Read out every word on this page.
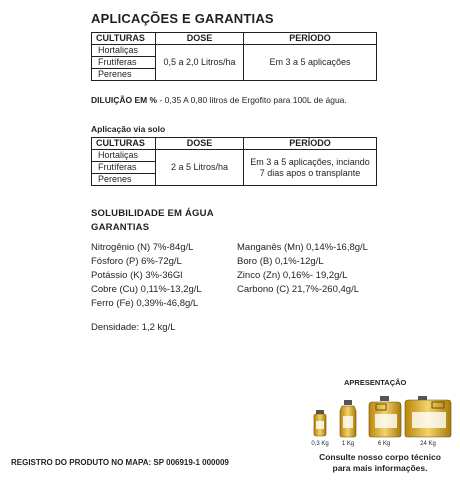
APLICAÇÕES E GARANTIAS
CULTURAS	DOSE	PERÍODO
Hortaliças	0,5 a 2,0 Litros/ha	Em 3 a 5 aplicações
Frutíferas		
Perenes		
DILUIÇÃO EM % - 0,35 A 0,80 litros de Ergofito para 100L de água.
Aplicação via solo
CULTURAS	DOSE	PERÍODO
Hortaliças	2 a 5 Litros/ha	Em 3 a 5 aplicações, inciando
7 dias apos o transplante

Frutíferas		
Perenes		
SOLUBILIDADE EM ÁGUA
GARANTIAS
Nitrogênio (N) 7%-84g/L
Fósforo (P) 6%-72g/L
Potássio (K) 3%-36Gl
Cobre (Cu) 0,11%-13,2g/L
Ferro (Fe) 0,39%-46,8g/L
Manganês (Mn) 0,14%-16,8g/L
Boro (B) 0,1%-12g/L
Zinco (Zn) 0,16%- 19,2g/L
Carbono (C) 21,7%-260,4g/L
Densidade: 1,2 kg/L
APRESENTAÇÃO
0,3 Kg	1 Kg	6 Kg	24 Kg
Consulte nosso corpo técnico
para mais informações.
REGISTRO DO PRODUTO NO MAPA: SP 006919-1 000009
